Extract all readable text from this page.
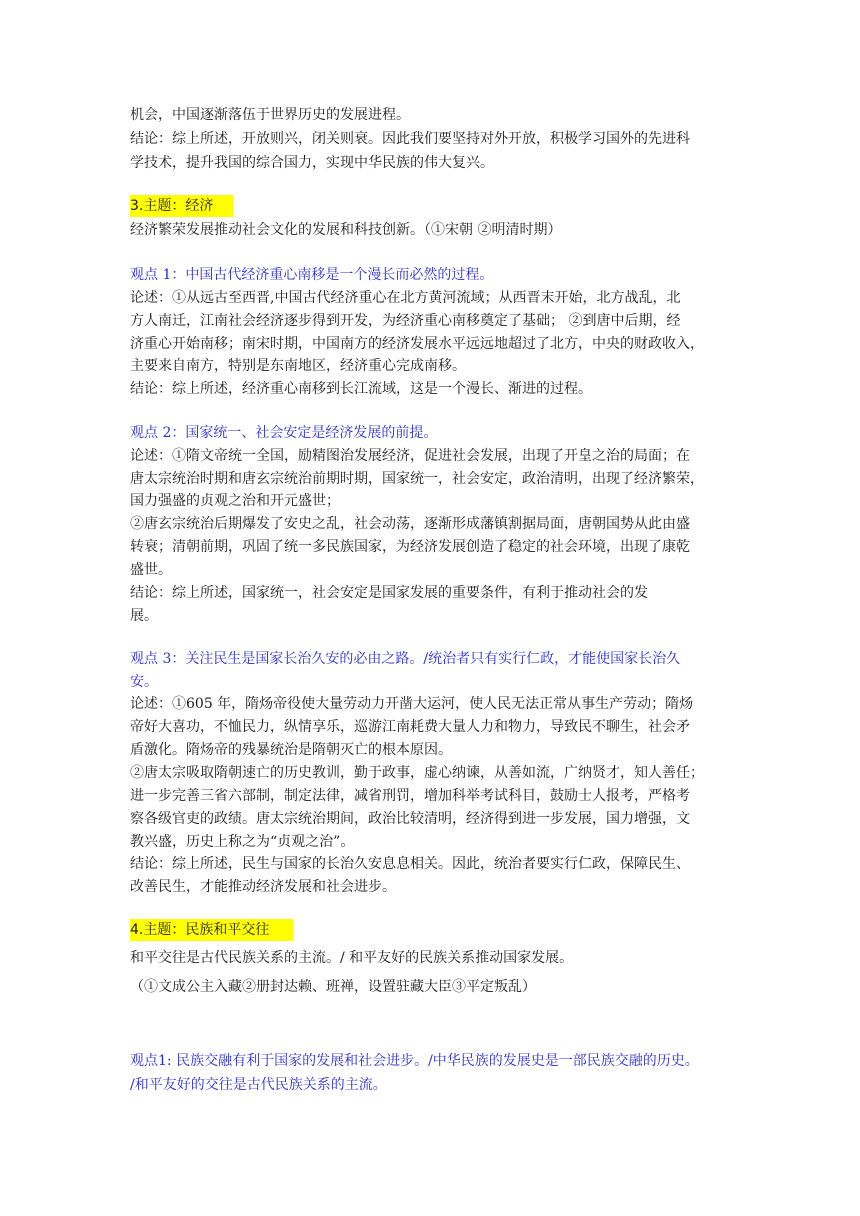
机会，中国逐渐落伍于世界历史的发展进程。
结论：综上所述，开放则兴，闭关则衰。因此我们要坚持对外开放，积极学习国外的先进科
学技术，提升我国的综合国力，实现中华民族的伟大复兴。
3.主题：经济
经济繁荣发展推动社会文化的发展和科技创新。（①宋朝 ②明清时期）
观点 1：中国古代经济重心南移是一个漫长而必然的过程。
论述：①从远古至西晋,中国古代经济重心在北方黄河流域；从西晋末开始，北方战乱，北
方人南迁，江南社会经济逐步得到开发，为经济重心南移奠定了基础； ②到唐中后期，经
济重心开始南移；南宋时期，中国南方的经济发展水平远远地超过了北方，中央的财政收入，
主要来自南方，特别是东南地区，经济重心完成南移。
结论：综上所述，经济重心南移到长江流域，这是一个漫长、渐进的过程。
观点 2：国家统一、社会安定是经济发展的前提。
论述：①隋文帝统一全国，励精图治发展经济，促进社会发展，出现了开皇之治的局面；在
唐太宗统治时期和唐玄宗统治前期时期，国家统一，社会安定，政治清明，出现了经济繁荣，
国力强盛的贞观之治和开元盛世；
②唐玄宗统治后期爆发了安史之乱，社会动荡，逐渐形成藩镇割据局面，唐朝国势从此由盛
转衰；清朝前期，巩固了统一多民族国家，为经济发展创造了稳定的社会环境，出现了康乾
盛世。
结论：综上所述，国家统一，社会安定是国家发展的重要条件，有利于推动社会的发
展。
观点 3：关注民生是国家长治久安的必由之路。/统治者只有实行仁政，才能使国家长治久
安。
论述：①605 年，隋炀帝役使大量劳动力开凿大运河，使人民无法正常从事生产劳动；隋炀
帝好大喜功，不恤民力，纵情享乐，巡游江南耗费大量人力和物力，导致民不聊生，社会矛
盾激化。隋炀帝的残暴统治是隋朝灭亡的根本原因。
②唐太宗吸取隋朝速亡的历史教训，勤于政事，虚心纳谏，从善如流，广纳贤才，知人善任；
进一步完善三省六部制，制定法律，减省刑罚，增加科举考试科目，鼓励士人报考，严格考
察各级官吏的政绩。唐太宗统治期间，政治比较清明，经济得到进一步发展，国力增强，文
教兴盛，历史上称之为“贞观之治”。
结论：综上所述，民生与国家的长治久安息息相关。因此，统治者要实行仁政，保障民生、
改善民生，才能推动经济发展和社会进步。
4.主题：民族和平交往
和平交往是古代民族关系的主流。/ 和平友好的民族关系推动国家发展。
（①文成公主入藏②册封达赖、班禅，设置驻藏大臣③平定叛乱）
观点1: 民族交融有利于国家的发展和社会进步。/中华民族的发展史是一部民族交融的历史。
/和平友好的交往是古代民族关系的主流。
